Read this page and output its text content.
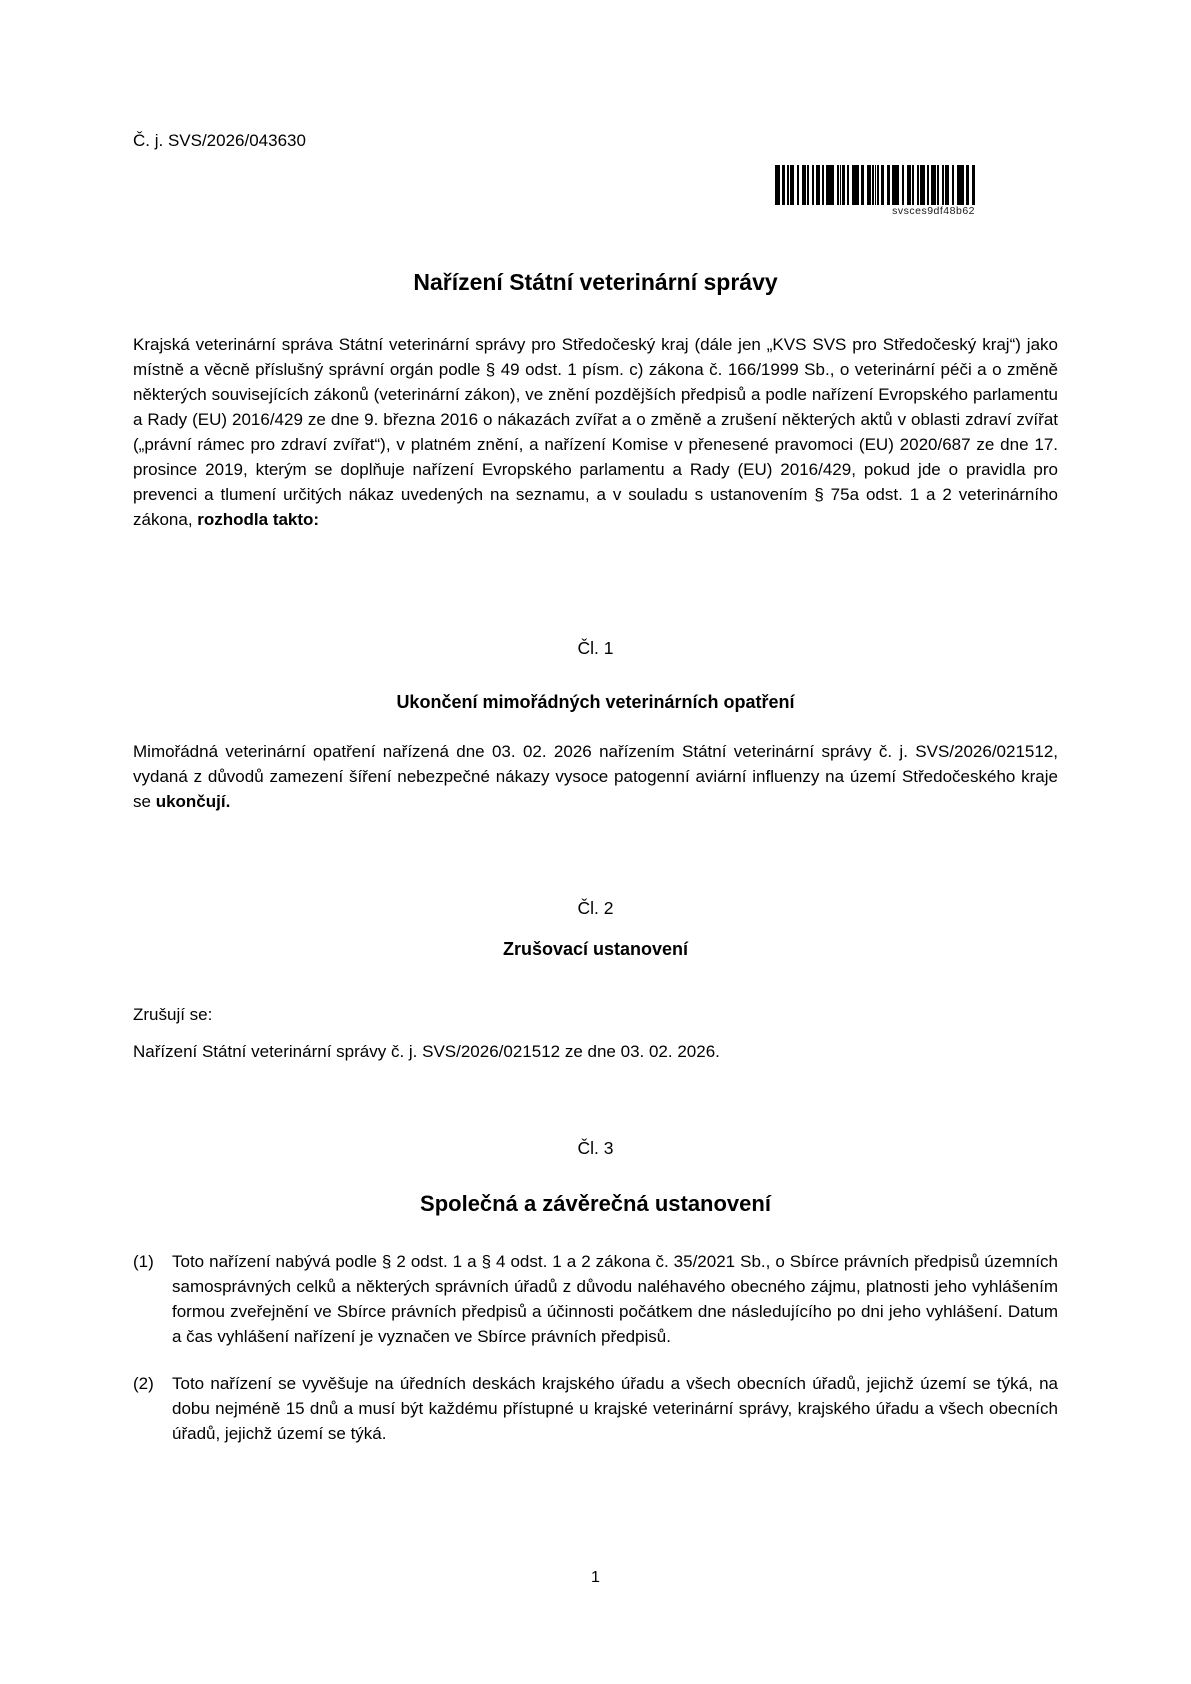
svsces9df48b62
Č. j. SVS/2026/043630
Nařízení Státní veterinární správy

Krajská veterinární správa Státní veterinární správy pro Středočeský kraj (dále jen „KVS SVS pro Středočeský kraj“) jako místně a věcně příslušný správní orgán podle § 49 odst. 1 písm. c) zákona č. 166/1999 Sb., o veterinární péči a o změně některých souvisejících zákonů (veterinární zákon), ve znění pozdějších předpisů a podle nařízení Evropského parlamentu a Rady (EU) 2016/429 ze dne 9. března 2016 o nákazách zvířat a o změně a zrušení některých aktů v oblasti zdraví zvířat („právní rámec pro zdraví zvířat“), v platném znění, a nařízení Komise v přenesené pravomoci (EU) 2020/687 ze dne 17. prosince 2019, kterým se doplňuje nařízení Evropského parlamentu a Rady (EU) 2016/429, pokud jde o pravidla pro prevenci a tlumení určitých nákaz uvedených na seznamu, a v souladu s ustanovením § 75a odst. 1 a 2 veterinárního zákona, rozhodla takto:

Čl. 1
Ukončení mimořádných veterinárních opatření

Mimořádná veterinární opatření nařízená dne 03. 02. 2026 nařízením Státní veterinární správy č. j. SVS/2026/021512, vydaná z důvodů zamezení šíření nebezpečné nákazy vysoce patogenní aviární influenzy na území Středočeského kraje se ukončují.

Čl. 2
Zrušovací ustanovení

Zrušují se:

Nařízení Státní veterinární správy č. j. SVS/2026/021512 ze dne 03. 02. 2026.

Čl. 3
Společná a závěrečná ustanovení
(1)	Toto nařízení nabývá podle § 2 odst. 1 a § 4 odst. 1 a 2 zákona č. 35/2021 Sb., o Sbírce právních předpisů územních samosprávných celků a některých správních úřadů z důvodu naléhavého obecného zájmu, platnosti jeho vyhlášením formou zveřejnění ve Sbírce právních předpisů a účinnosti počátkem dne následujícího po dni jeho vyhlášení. Datum a čas vyhlášení nařízení je vyznačen ve Sbírce právních předpisů.
(2)	Toto nařízení se vyvěšuje na úředních deskách krajského úřadu a všech obecních úřadů, jejichž území se týká, na dobu nejméně 15 dnů a musí být každému přístupné u krajské veterinární správy, krajského úřadu a všech obecních úřadů, jejichž území se týká.
1
